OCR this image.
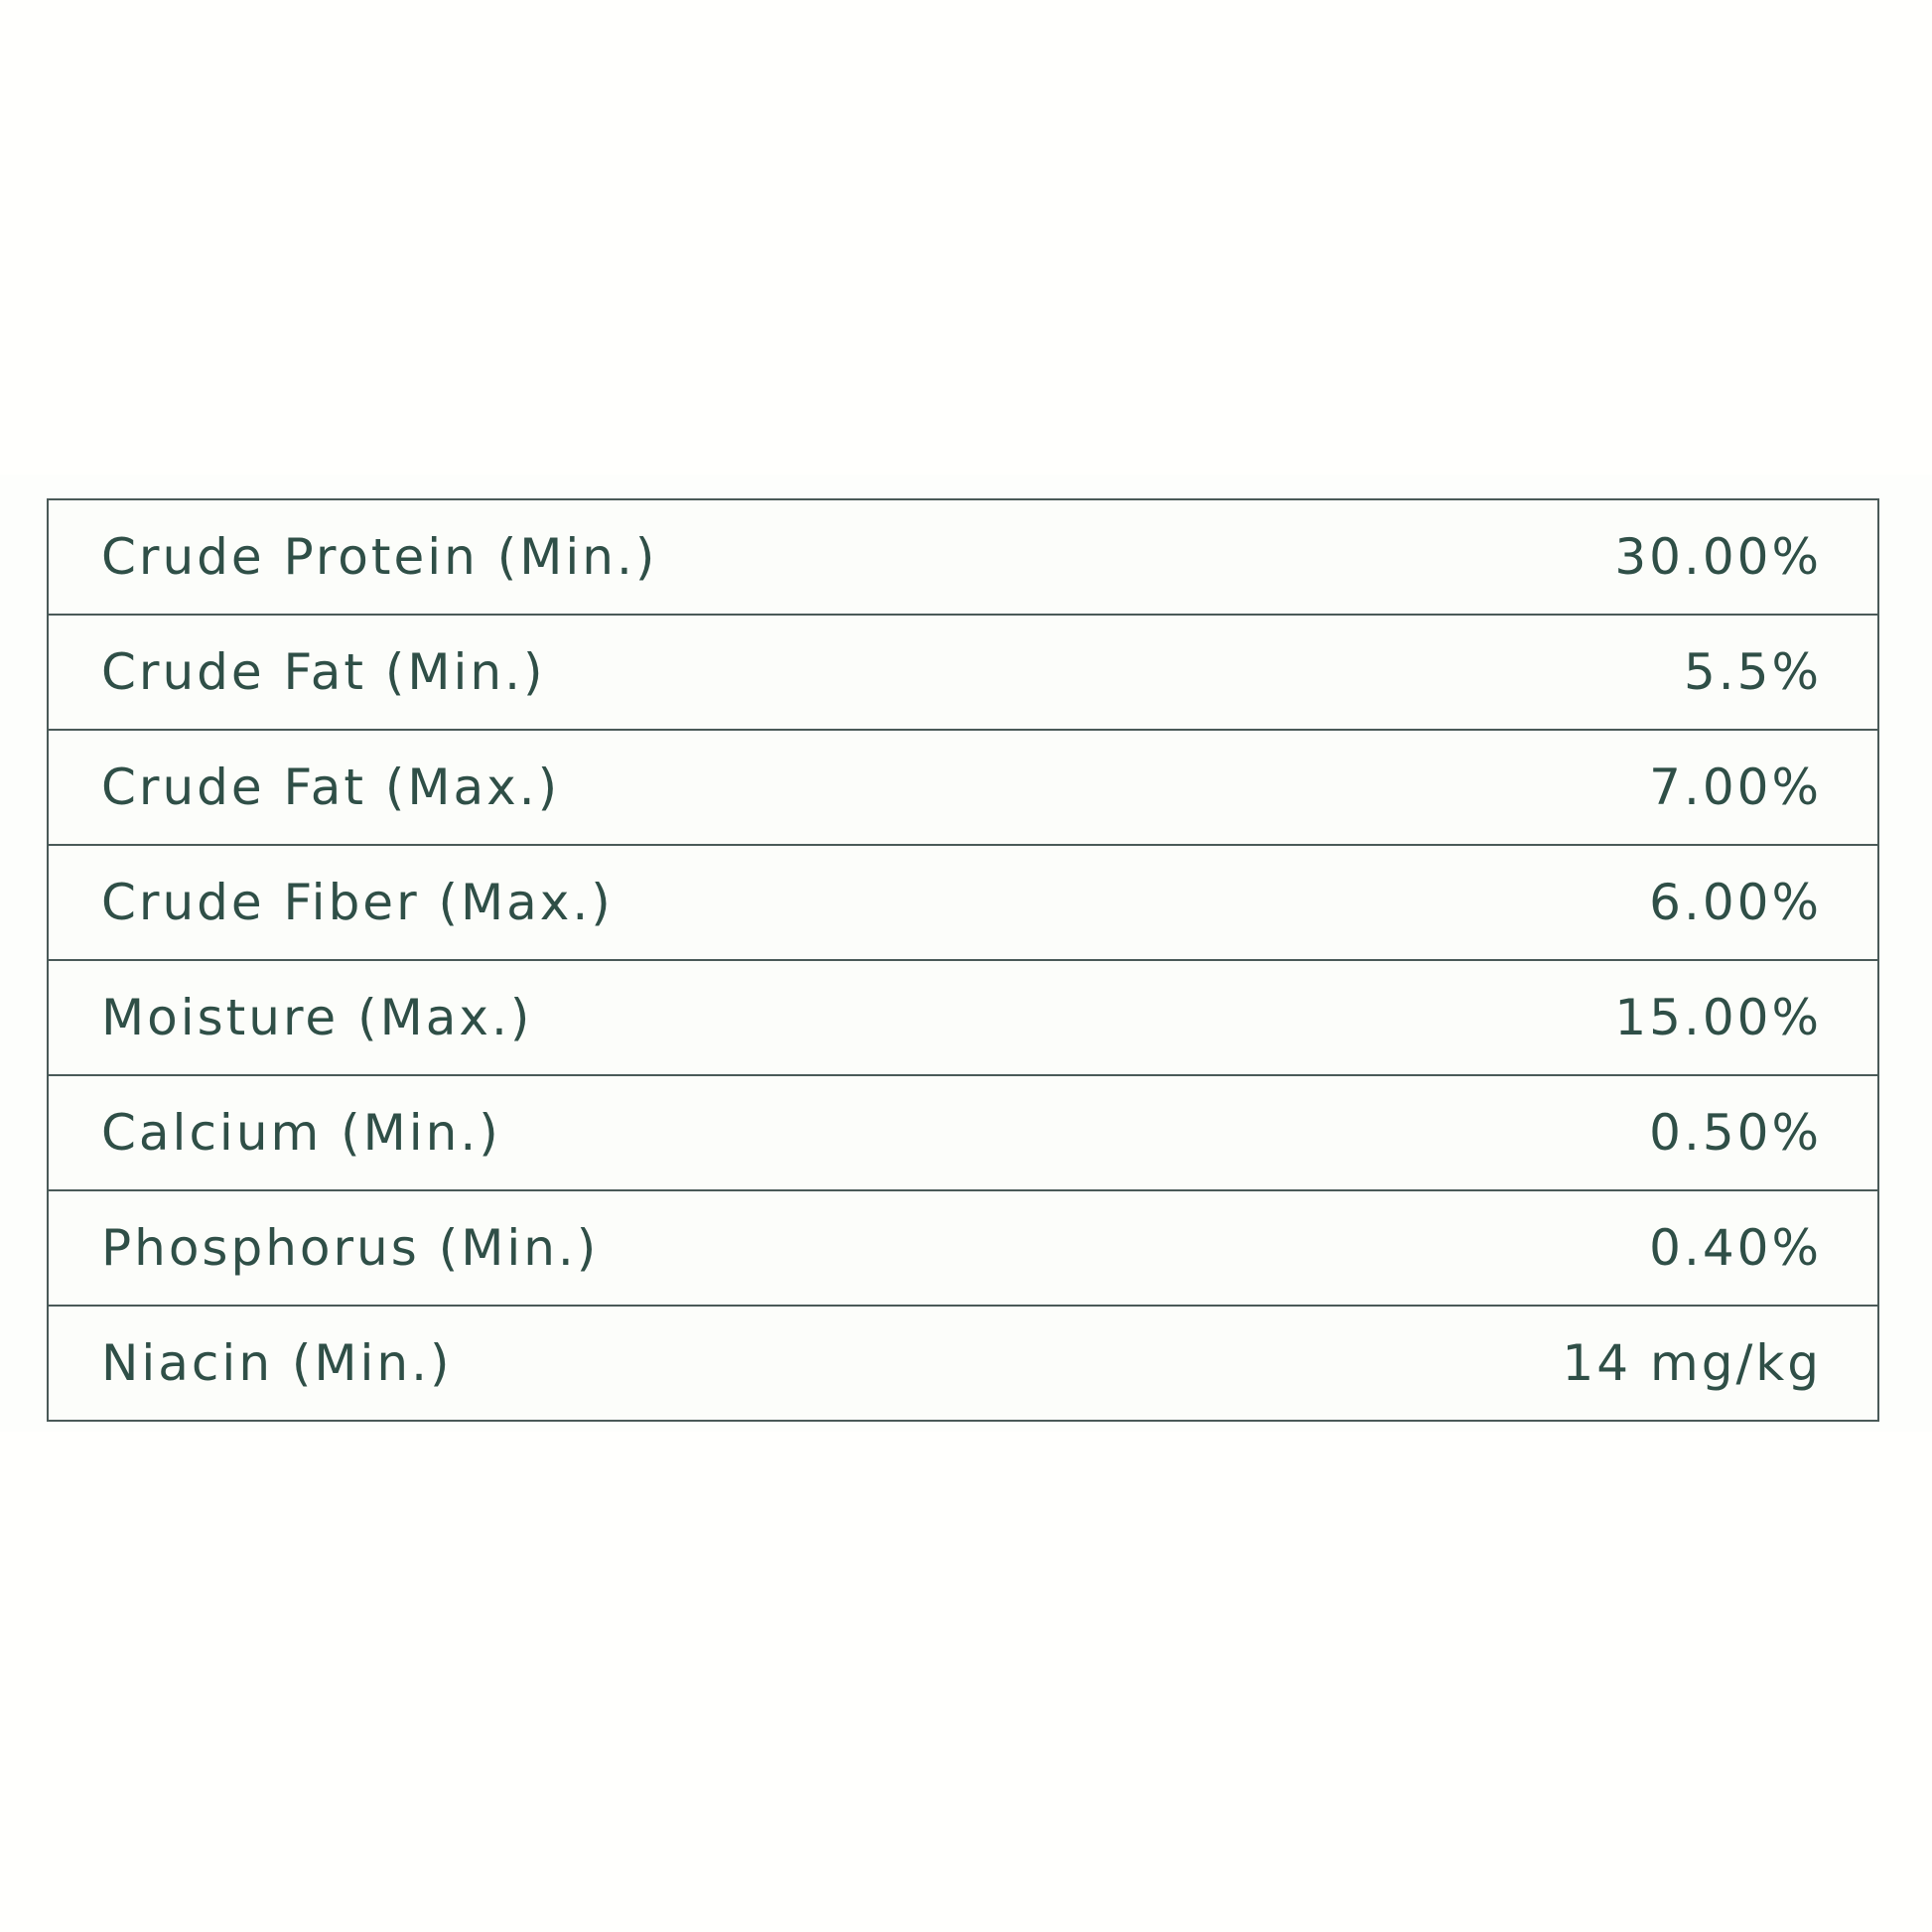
Crude Protein (Min.)	30.00%
Crude Fat (Min.)	5.5%
Crude Fat (Max.)	7.00%
Crude Fiber (Max.)	6.00%
Moisture (Max.)	15.00%
Calcium (Min.)	0.50%
Phosphorus (Min.)	0.40%
Niacin (Min.)	14 mg/kg
